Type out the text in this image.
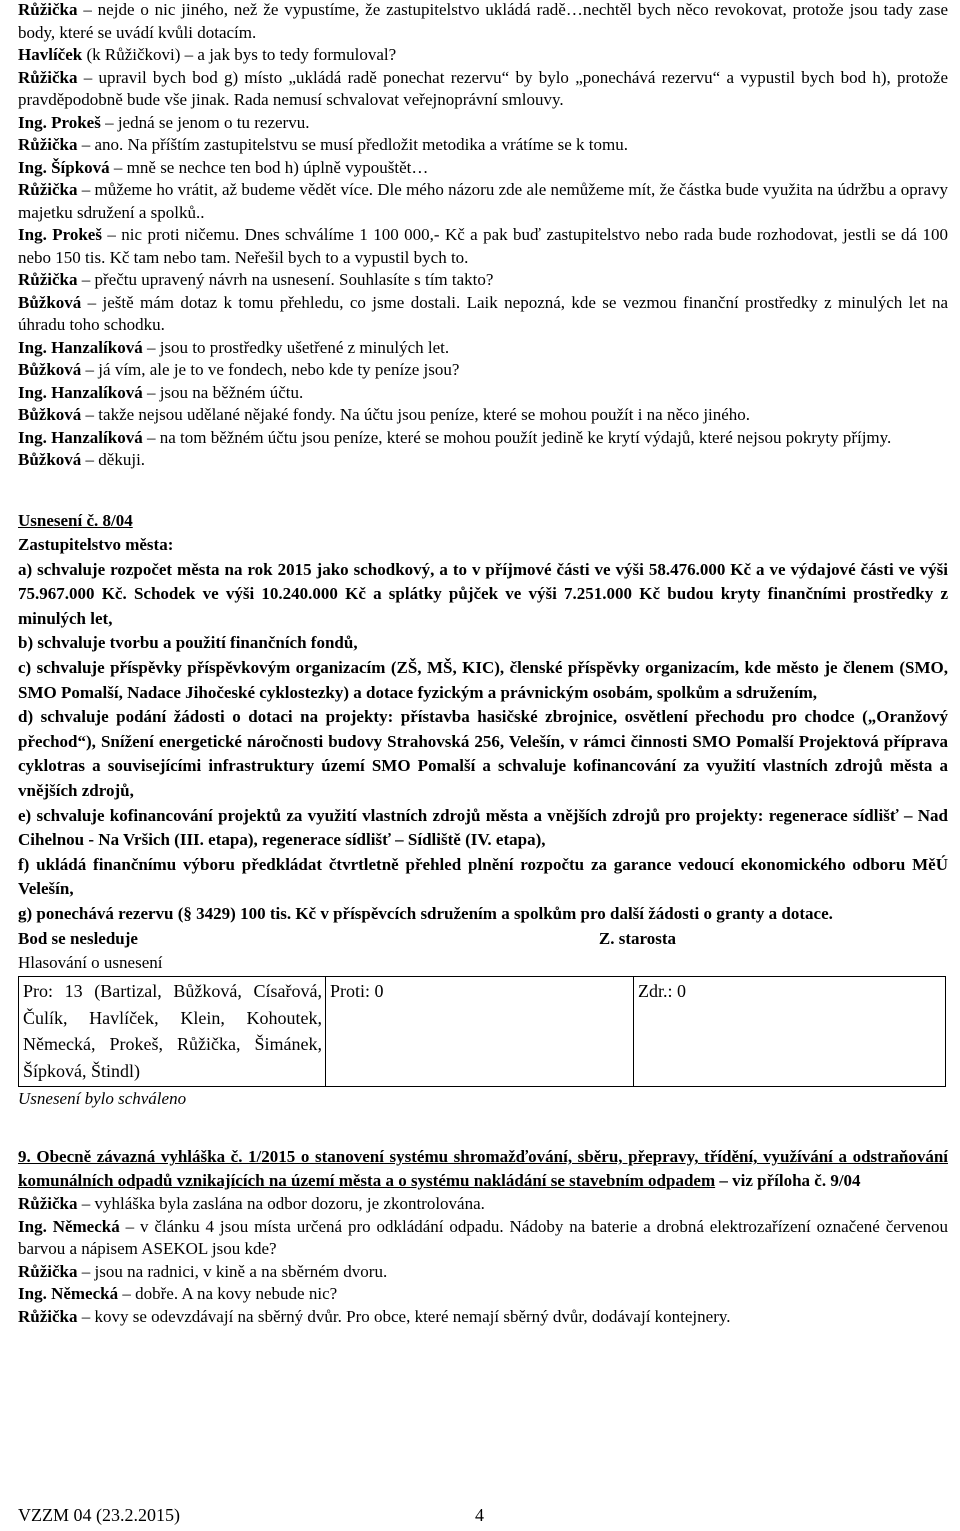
Růžička – nejde o nic jiného, než že vypustíme, že zastupitelstvo ukládá radě…nechtěl bych něco revokovat, protože jsou tady zase body, které se uvádí kvůli dotacím.

Havlíček (k Růžičkovi) – a jak bys to tedy formuloval?

Růžička – upravil bych bod g) místo „ukládá radě ponechat rezervu“ by bylo „ponechává rezervu“ a vypustil bych bod h), protože pravděpodobně bude vše jinak. Rada nemusí schvalovat veřejnoprávní smlouvy.

Ing. Prokeš – jedná se jenom o tu rezervu.

Růžička – ano. Na příštím zastupitelstvu se musí předložit metodika a vrátíme se k tomu.

Ing. Šípková – mně se nechce ten bod h) úplně vypouštět…

Růžička – můžeme ho vrátit, až budeme vědět více. Dle mého názoru zde ale nemůžeme mít, že částka bude využita na údržbu a opravy majetku sdružení a spolků..

Ing. Prokeš – nic proti ničemu. Dnes schválíme 1 100 000,- Kč a pak buď zastupitelstvo nebo rada bude rozhodovat, jestli se dá 100 nebo 150 tis. Kč tam nebo tam. Neřešil bych to a vypustil bych to.

Růžička – přečtu upravený návrh na usnesení. Souhlasíte s tím takto?

Bůžková – ještě mám dotaz k tomu přehledu, co jsme dostali. Laik nepozná, kde se vezmou finanční prostředky z minulých let na úhradu toho schodku.

Ing. Hanzalíková – jsou to prostředky ušetřené z minulých let.

Bůžková – já vím, ale je to ve fondech, nebo kde ty peníze jsou?

Ing. Hanzalíková – jsou na běžném účtu.

Bůžková – takže nejsou udělané nějaké fondy. Na účtu jsou peníze, které se mohou použít i na něco jiného.

Ing. Hanzalíková – na tom běžném účtu jsou peníze, které se mohou použít jedině ke krytí výdajů, které nejsou pokryty příjmy.

Bůžková – děkuji.

Usnesení č. 8/04

Zastupitelstvo města:

a) schvaluje rozpočet města na rok 2015 jako schodkový, a to v příjmové části ve výši 58.476.000 Kč a ve výdajové části ve výši 75.967.000 Kč. Schodek ve výši 10.240.000 Kč a splátky půjček ve výši 7.251.000 Kč budou kryty finančními prostředky z minulých let,

b) schvaluje tvorbu a použití finančních fondů,

c) schvaluje příspěvky příspěvkovým organizacím (ZŠ, MŠ, KIC), členské příspěvky organizacím, kde město je členem (SMO, SMO Pomalší, Nadace Jihočeské cyklostezky) a dotace fyzickým a právnickým osobám, spolkům a sdružením,

d) schvaluje podání žádosti o dotaci na projekty: přístavba hasičské zbrojnice, osvětlení přechodu pro chodce („Oranžový přechod“), Snížení energetické náročnosti budovy Strahovská 256, Velešín, v rámci činnosti SMO Pomalší Projektová příprava cyklotras a souvisejícími infrastruktury území SMO Pomalší a schvaluje kofinancování za využití vlastních zdrojů města a vnějších zdrojů,

e) schvaluje kofinancování projektů za využití vlastních zdrojů města a vnějších zdrojů pro projekty: regenerace sídlišť – Nad Cihelnou - Na Vršich (III. etapa), regenerace sídlišť – Sídliště (IV. etapa),

f) ukládá finančnímu výboru předkládat čtvrtletně přehled plnění rozpočtu za garance vedoucí ekonomického odboru MěÚ Velešín,

g) ponechává rezervu (§ 3429) 100 tis. Kč v příspěvcích sdružením a spolkům pro další žádosti o granty a dotace.

Bod se nesleduje	Z. starosta

Hlasování o usnesení

Pro: 13 (Bartizal, Bůžková, Císařová, Čulík, Havlíček, Klein, Kohoutek, Německá, Prokeš, Růžička, Šimánek, Šípková, Štindl)
Proti: 0	Zdr.: 0

Usnesení bylo schváleno

9. Obecně závazná vyhláška č. 1/2015 o stanovení systému shromažďování, sběru, přepravy, třídění, využívání a odstraňování komunálních odpadů vznikajících na území města a o systému nakládání se stavebním odpadem – viz příloha č. 9/04

Růžička – vyhláška byla zaslána na odbor dozoru, je zkontrolována.

Ing. Německá – v článku 4 jsou místa určená pro odkládání odpadu. Nádoby na baterie a drobná elektrozařízení označené červenou barvou a nápisem ASEKOL jsou kde?

Růžička – jsou na radnici, v kině a na sběrném dvoru.

Ing. Německá – dobře. A na kovy nebude nic?

Růžička – kovy se odevzdávají na sběrný dvůr. Pro obce, které nemají sběrný dvůr, dodávají kontejnery.

VZZM 04 (23.2.2015)	4
